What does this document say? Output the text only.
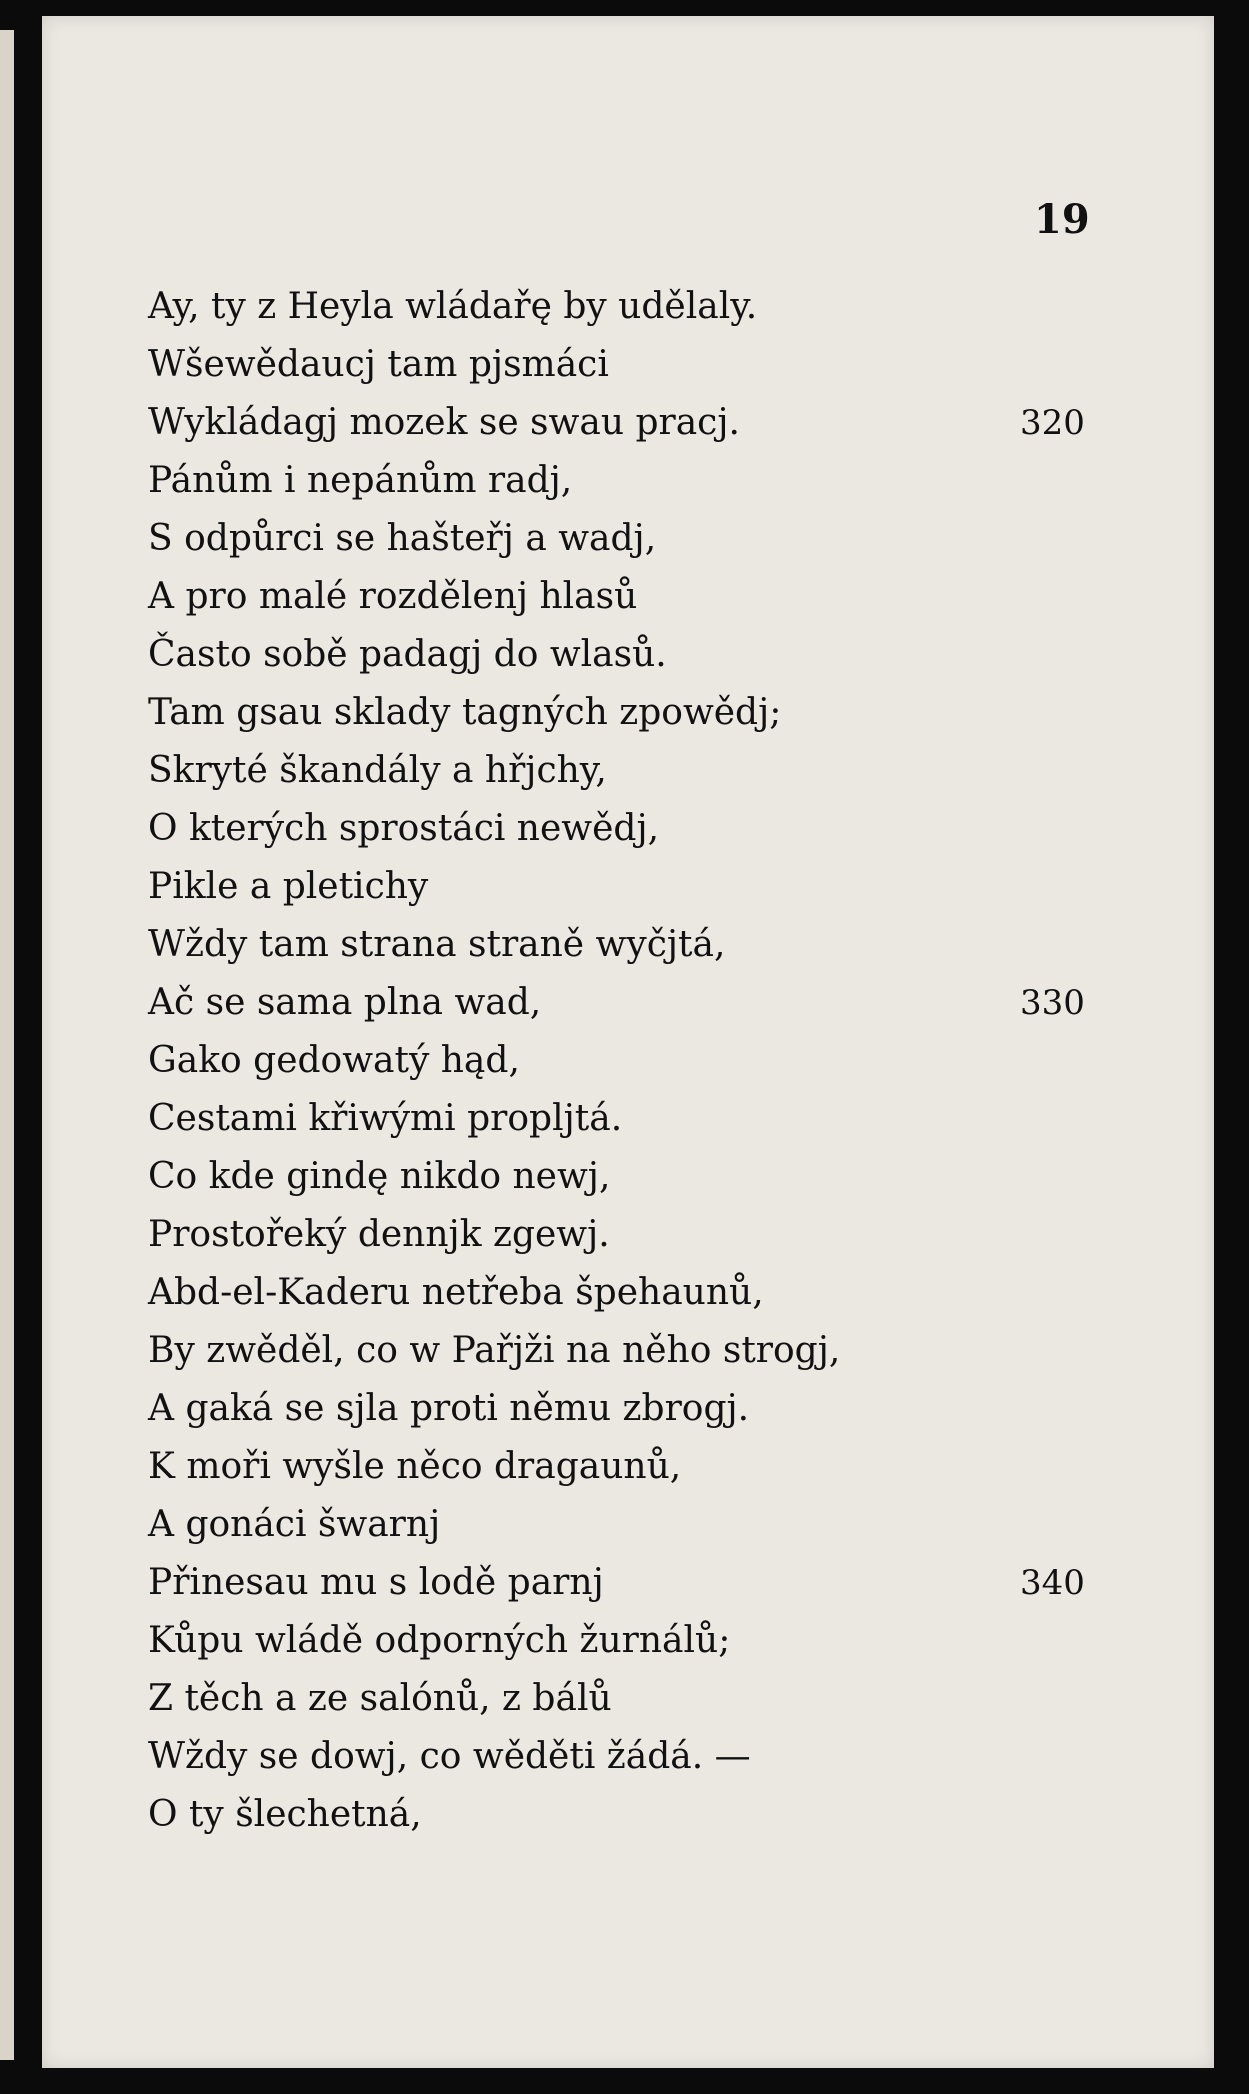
19
Ay, ty z Heyla wládařę by udělaly.
Wšewědaucj tam pjsmáci
Wykládagj mozek se swau pracj.	320
Pánům i nepánům radj,
S odpůrci se hašteřj a wadj,
A pro malé rozdělenj hlasů
Často sobě padagj do wlasů.
Tam gsau sklady tagných zpowědj;
Skryté škandály a hřjchy,
O kterých sprostáci newědj,
Pikle a pletichy
Wždy tam strana straně wyčjtá,
Ač se sama plna wad,	330
Gako gedowatý hąd,
Cestami křiwými propljtá.
Co kde gindę nikdo newj,
Prostořeký dennjk zgewj.
Abd-el-Kaderu netřeba špehaunů,
By zwěděl, co w Pařjži na něho strogj,
A gaká se sjla proti němu zbrogj.
K moři wyšle něco dragaunů,
A gonáci šwarnj
Přinesau mu s lodě parnj	340
Kůpu wládě odporných žurnálů;
Z těch a ze salónů, z bálů
Wždy se dowj, co wěděti žádá. —
O ty šlechetná,
